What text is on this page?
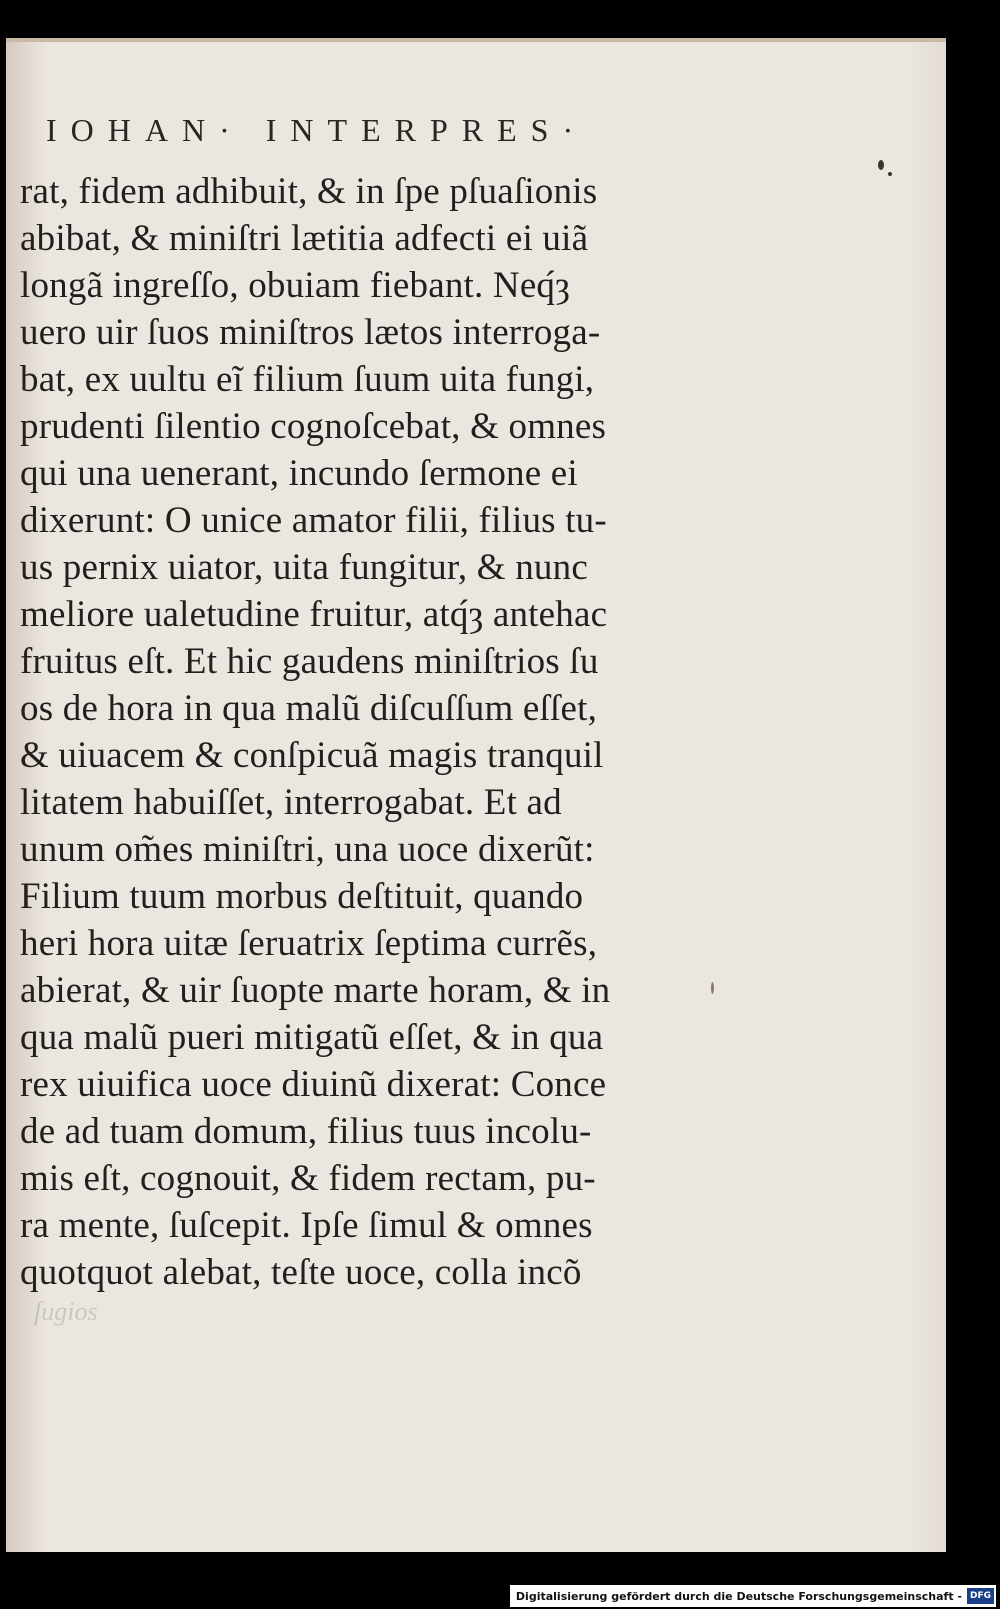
IOHAN· INTERPRES·
rat, fidem adhibuit, & in ſpe pſuaſionis
abibat, & miniſtri lætitia adfecti ei uiã
longã ingreſſo, obuiam fiebant. Neq́ȝ
uero uir ſuos miniſtros lætos interroga-
bat, ex uultu eĩ filium ſuum uita fungi,
prudenti ſilentio cognoſcebat, & omnes
qui una uenerant, incundo ſermone ei
dixerunt: O unice amator filii, filius tu-
us pernix uiator, uita fungitur, & nunc
meliore ualetudine fruitur, atq́ȝ antehac
fruitus eſt. Et hic gaudens miniſtrios ſu
os de hora in qua malũ diſcuſſum eſſet,
& uiuacem & conſpicuã magis tranquil
litatem habuiſſet, interrogabat. Et ad
unum om̃es miniſtri, una uoce dixerũt:
Filium tuum morbus deſtituit, quando
heri hora uitæ ſeruatrix ſeptima currẽs,
abierat, & uir ſuopte marte horam, & in
qua malũ pueri mitigatũ eſſet, & in qua
rex uiuifica uoce diuinũ dixerat: Conce
de ad tuam domum, filius tuus incolu-
mis eſt, cognouit, & fidem rectam, pu-
ra mente, ſuſcepit. Ipſe ſimul & omnes
quotquot alebat, teſte uoce, colla incõ
ſugios
Digitalisierung gefördert durch die Deutsche Forschungsgemeinschaft - DFG
